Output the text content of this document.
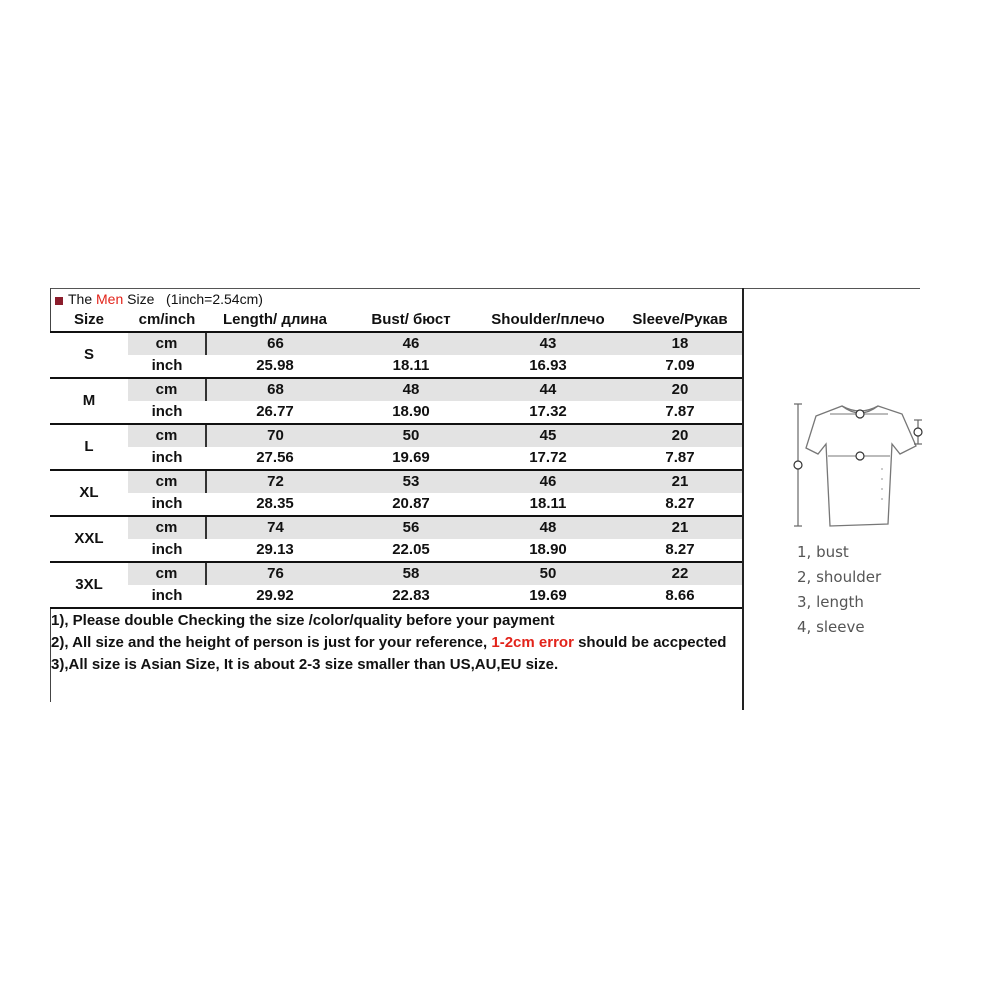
The Men Size   (1inch=2.54cm)
Size	cm/inch	Length/ длина	Bust/ бюст	Shoulder/плечо	Sleeve/Рукав
S	cm	66	46	43	18
	inch	25.98	18.11	16.93	7.09
M	cm	68	48	44	20
	inch	26.77	18.90	17.32	7.87
L	cm	70	50	45	20
	inch	27.56	19.69	17.72	7.87
XL	cm	72	53	46	21
	inch	28.35	20.87	18.11	8.27
XXL	cm	74	56	48	21
	inch	29.13	22.05	18.90	8.27
3XL	cm	76	58	50	22
	inch	29.92	22.83	19.69	8.66

1), Please double Checking the size /color/quality before your payment

2), All size and the height of person is just for your reference, 1-2cm error should be accpected

3),All size is Asian Size, It is about 2-3 size smaller than US,AU,EU size.

1, bust
2, shoulder
3, length
4, sleeve
